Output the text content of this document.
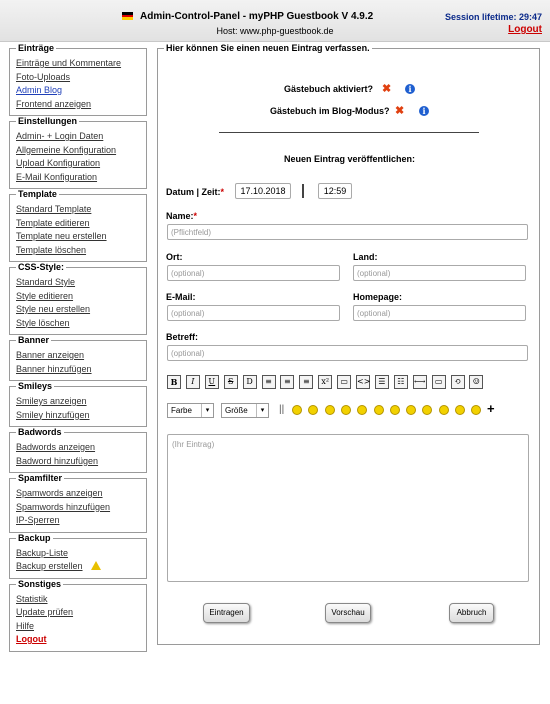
Admin-Control-Panel - myPHP Guestbook V 4.9.2
Host: www.php-guestbook.de
Session lifetime: 29:47
Logout
Einträge
Einträge und Kommentare
Foto-Uploads
Admin Blog
Frontend anzeigen
Einstellungen
Admin- + Login Daten
Allgemeine Konfiguration
Upload Konfiguration
E-Mail Konfiguration
Template
Standard Template
Template editieren
Template neu erstellen
Template löschen
CSS-Style:
Standard Style
Style editieren
Style neu erstellen
Style löschen
Banner
Banner anzeigen
Banner hinzufügen
Smileys
Smileys anzeigen
Smiley hinzufügen
Badwords
Badwords anzeigen
Badword hinzufügen
Spamfilter
Spamwords anzeigen
Spamwords hinzufügen
IP-Sperren
Backup
Backup-Liste
Backup erstellen
Sonstiges
Statistik
Update prüfen
Hilfe
Logout
Hier können Sie einen neuen Eintrag verfassen.
Gästebuch aktiviert? ✖	i
Gästebuch im Blog-Modus? ✖	i
Neuen Eintrag veröffentlichen:
Datum | Zeit:*	17.10.2018	12:59
Name:*
(Pflichtfeld)
Ort:
(optional)
Land:
(optional)
E-Mail:
(optional)
Homepage:
(optional)
Betreff:
(optional)
B	I	U	S	D	≡	≡	≡	x²	▭	<> ☰	☷	⟷	▭	⟲	☺
Farbe	▾	Größe	▾	||	+
(Ihr Eintrag)
Eintragen	Vorschau	Abbruch
